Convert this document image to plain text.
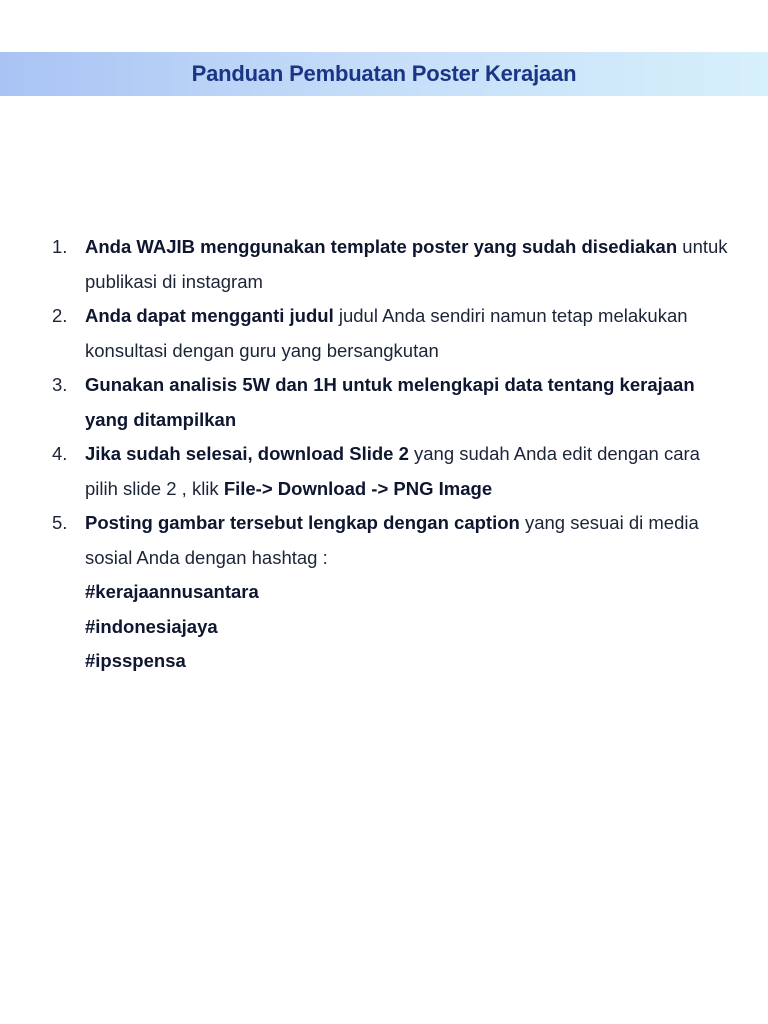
Panduan Pembuatan Poster Kerajaan
1. Anda WAJIB menggunakan template poster yang sudah disediakan untuk publikasi di instagram
2. Anda dapat mengganti judul judul Anda sendiri namun tetap melakukan konsultasi dengan guru yang bersangkutan
3. Gunakan analisis 5W dan 1H untuk melengkapi data tentang kerajaan yang ditampilkan
4. Jika sudah selesai, download Slide 2 yang sudah Anda edit dengan cara pilih slide 2 , klik File-> Download -> PNG Image
5. Posting gambar tersebut lengkap dengan caption yang sesuai di media sosial Anda dengan hashtag :
#kerajaannusantara
#indonesiajaya
#ipsspensa
